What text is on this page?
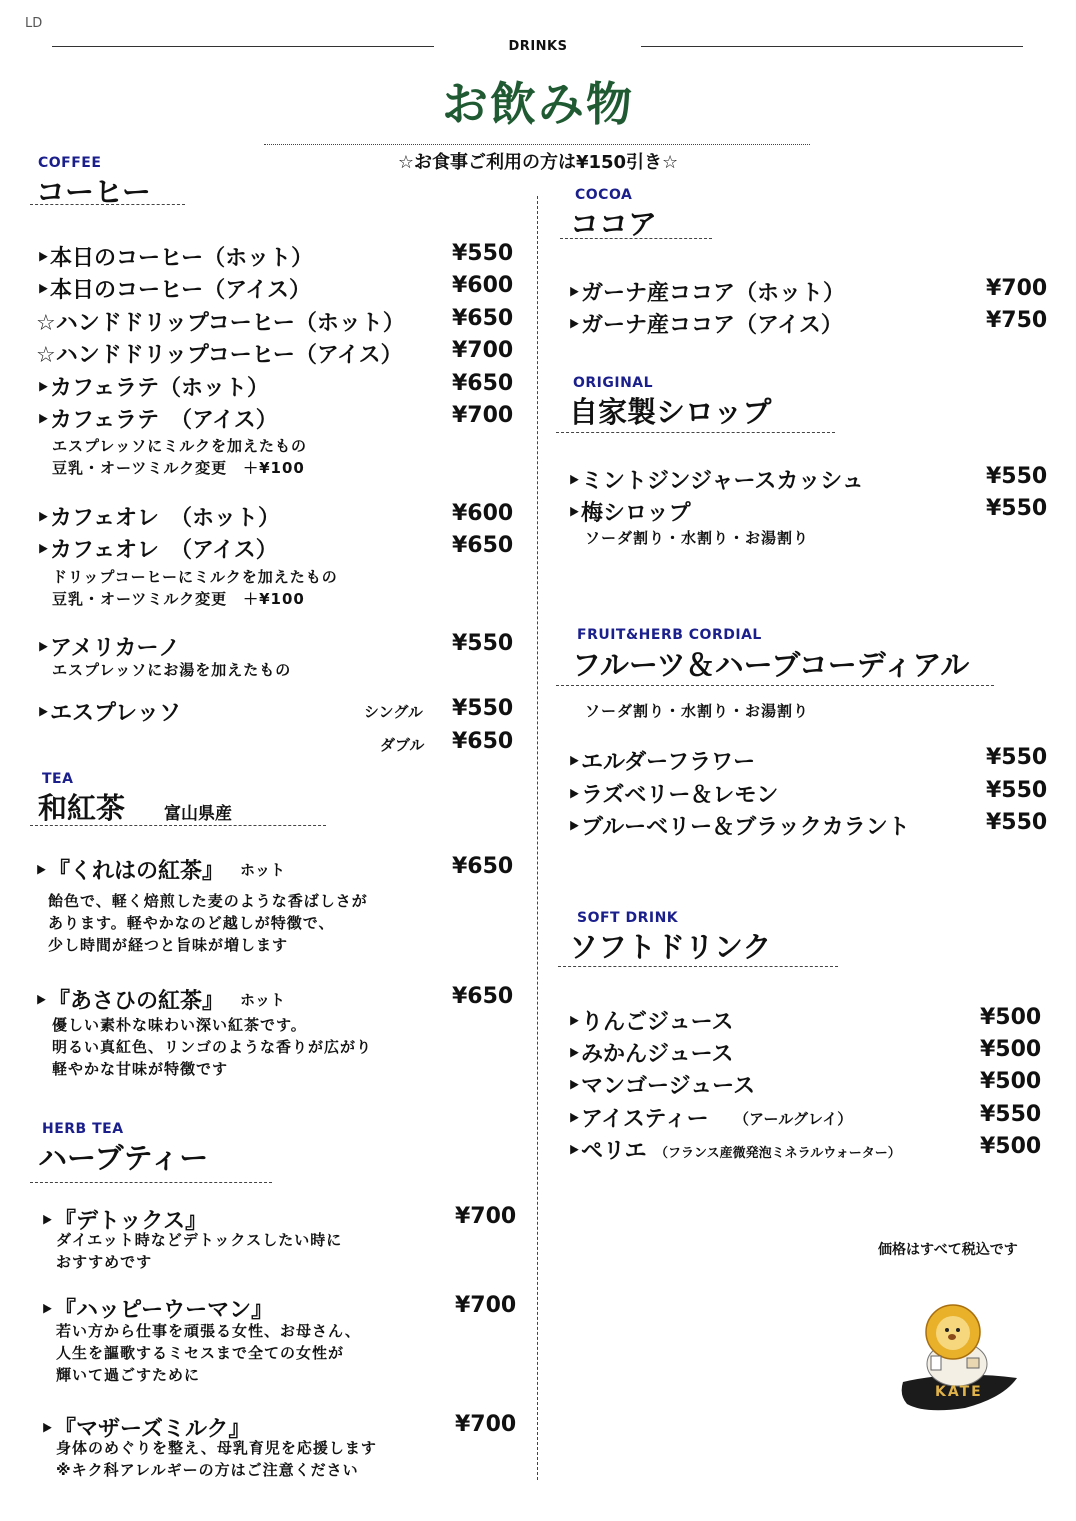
LD
DRINKS
お飲み物
☆お食事ご利用の方は¥150引き☆
COFFEE
コーヒー
‣本日のコーヒー（ホット）	¥550
‣本日のコーヒー（アイス）	¥600
☆ハンドドリップコーヒー（ホット） ¥650
☆ハンドドリップコーヒー（アイス） ¥700
‣カフェラテ（ホット）	¥650
‣カフェラテ　（アイス）	¥700
エスプレッソにミルクを加えたもの
豆乳・オーツミルク変更　＋¥100
‣カフェオレ　（ホット）	¥600
‣カフェオレ　（アイス）	¥650
ドリップコーヒーにミルクを加えたもの
豆乳・オーツミルク変更　＋¥100
‣アメリカーノ	¥550
エスプレッソにお湯を加えたもの
‣エスプレッソ	シングル ¥550
ダブル ¥650
TEA
和紅茶 富山県産
‣『くれはの紅茶』 ホット	¥650
飴色で、軽く焙煎した麦のような香ばしさが
あります。軽やかなのど越しが特徴で、
少し時間が経つと旨味が増します
‣『あさひの紅茶』 ホット	¥650
優しい素朴な味わい深い紅茶です。
明るい真紅色、リンゴのような香りが広がり
軽やかな甘味が特徴です
HERB TEA
ハーブティー
‣『デトックス』	¥700
ダイエット時などデトックスしたい時に
おすすめです
‣『ハッピーウーマン』	¥700
若い方から仕事を頑張る女性、お母さん、
人生を謳歌するミセスまで全ての女性が
輝いて過ごすために
‣『マザーズミルク』	¥700
身体のめぐりを整え、母乳育児を応援します
※キク科アレルギーの方はご注意ください
COCOA
ココア
‣ガーナ産ココア（ホット）	¥700
‣ガーナ産ココア（アイス）	¥750
ORIGINAL
自家製シロップ
‣ミントジンジャースカッシュ	¥550
‣梅シロップ	¥550
ソーダ割り・水割り・お湯割り
FRUIT&HERB CORDIAL
フルーツ＆ハーブコーディアル
ソーダ割り・水割り・お湯割り
‣エルダーフラワー	¥550
‣ラズベリー＆レモン	¥550
‣ブルーベリー＆ブラックカラント	¥550
SOFT DRINK
ソフトドリンク
‣りんごジュース	¥500
‣みかんジュース	¥500
‣マンゴージュース	¥500
‣アイスティー （アールグレイ）	¥550
‣ペリエ （フランス産微発泡ミネラルウォーター）	¥500
価格はすべて税込です
KATE
